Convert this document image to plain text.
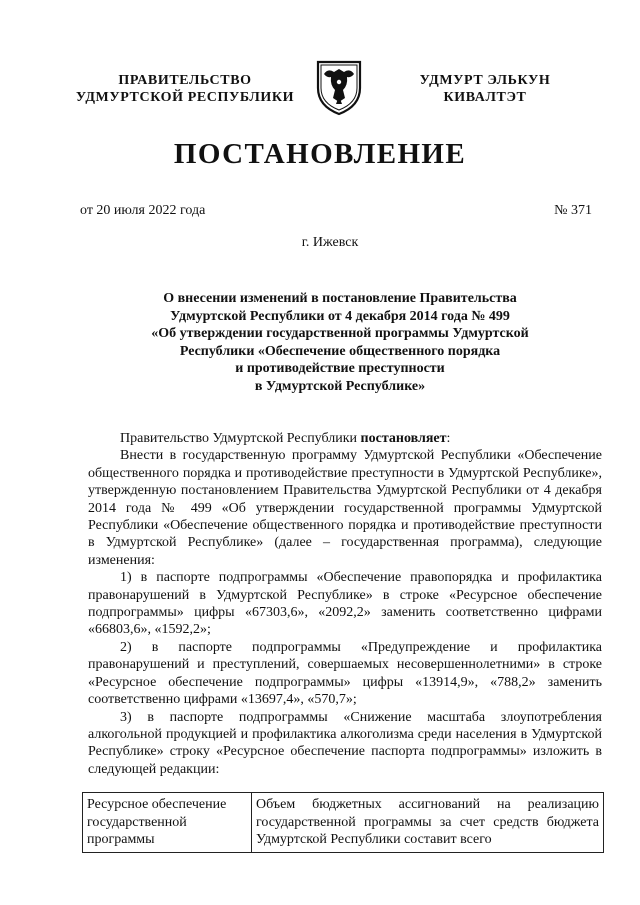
ПРАВИТЕЛЬСТВО
УДМУРТСКОЙ РЕСПУБЛИКИ
УДМУРТ ЭЛЬКУН
КИВАЛТЭТ
ПОСТАНОВЛЕНИЕ
от 20 июля 2022 года	№ 371
г. Ижевск
О внесении изменений в постановление Правительства
Удмуртской Республики от 4 декабря 2014 года № 499
«Об утверждении государственной программы Удмуртской
Республики «Обеспечение общественного порядка
и противодействие преступности
в Удмуртской Республике»

Правительство Удмуртской Республики постановляет:

Внести в государственную программу Удмуртской Республики «Обеспечение общественного порядка и противодействие преступности в Удмуртской Республике», утвержденную постановлением Правительства Удмуртской Республики от 4 декабря 2014 года № 499 «Об утверждении государственной программы Удмуртской Республики «Обеспечение общественного порядка и противодействие преступности в Удмуртской Республике» (далее – государственная программа), следующие изменения:

1) в паспорте подпрограммы «Обеспечение правопорядка и профилактика правонарушений в Удмуртской Республике» в строке «Ресурсное обеспечение подпрограммы» цифры «67303,6», «2092,2» заменить соответственно цифрами «66803,6», «1592,2»;

2) в паспорте подпрограммы «Предупреждение и профилактика правонарушений и преступлений, совершаемых несовершеннолетними» в строке «Ресурсное обеспечение подпрограммы» цифры «13914,9», «788,2» заменить соответственно цифрами «13697,4», «570,7»;

3) в паспорте подпрограммы «Снижение масштаба злоупотребления алкогольной продукцией и профилактика алкоголизма среди населения в Удмуртской Республике» строку «Ресурсное обеспечение паспорта подпрограммы» изложить в следующей редакции:

Ресурсное обеспечение государственной программы	Объем бюджетных ассигнований на реализацию государственной программы за счет средств бюджета Удмуртской Республики составит всего
